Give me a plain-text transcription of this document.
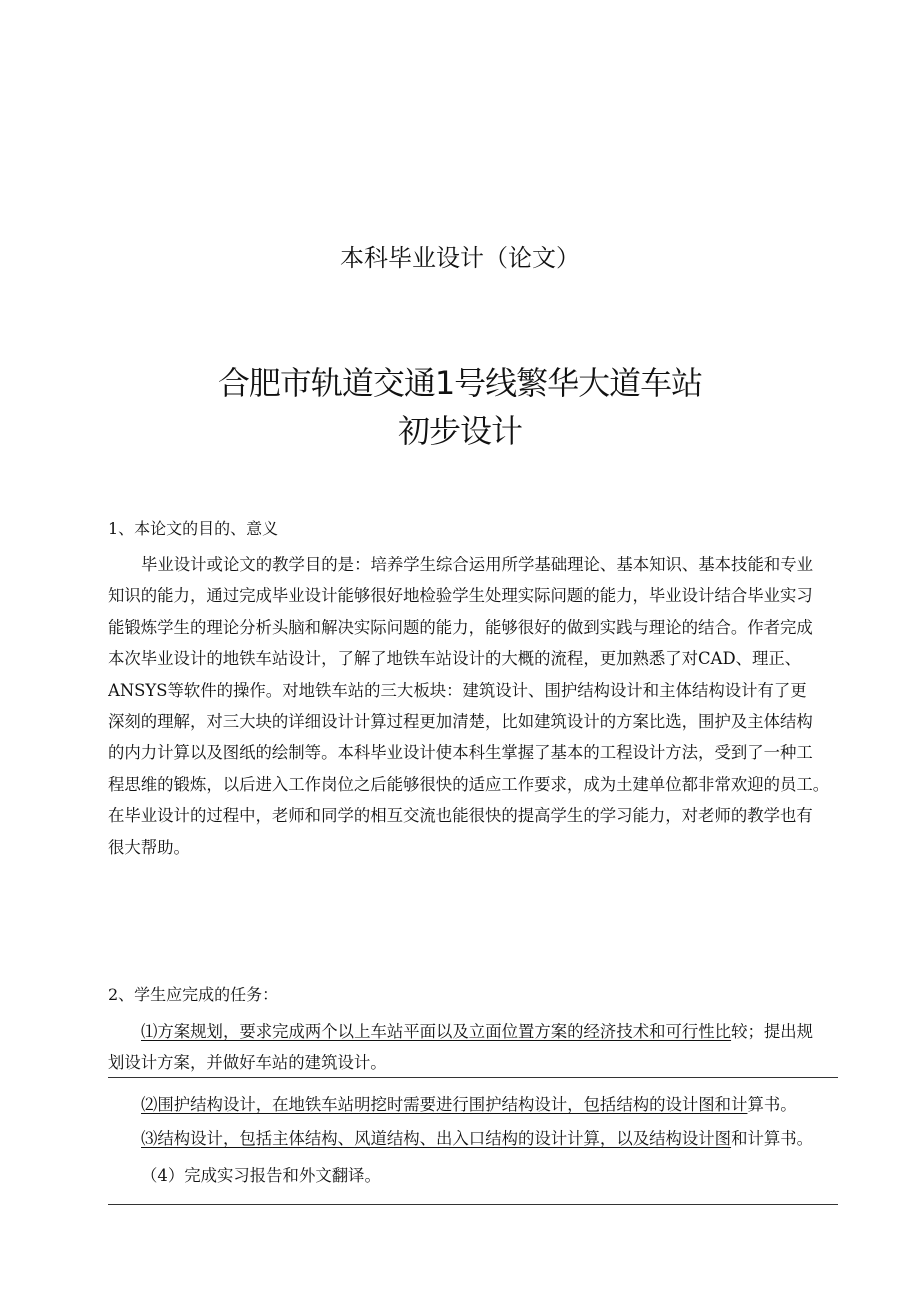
本科毕业设计（论文）
合肥市轨道交通1号线繁华大道车站
初步设计

1、本论文的目的、意义

毕业设计或论文的教学目的是：培养学生综合运用所学基础理论、基本知识、基本技能和专业
知识的能力，通过完成毕业设计能够很好地检验学生处理实际问题的能力，毕业设计结合毕业实习
能锻炼学生的理论分析头脑和解决实际问题的能力，能够很好的做到实践与理论的结合。作者完成
本次毕业设计的地铁车站设计，了解了地铁车站设计的大概的流程，更加熟悉了对CAD、理正、
ANSYS等软件的操作。对地铁车站的三大板块：建筑设计、围护结构设计和主体结构设计有了更
深刻的理解，对三大块的详细设计计算过程更加清楚，比如建筑设计的方案比选，围护及主体结构
的内力计算以及图纸的绘制等。本科毕业设计使本科生掌握了基本的工程设计方法，受到了一种工
程思维的锻炼，以后进入工作岗位之后能够很快的适应工作要求，成为土建单位都非常欢迎的员工。
在毕业设计的过程中，老师和同学的相互交流也能很快的提高学生的学习能力，对老师的教学也有
很大帮助。

2、学生应完成的任务：

⑴方案规划，要求完成两个以上车站平面以及立面位置方案的经济技术和可行性比较；提出规
划设计方案，并做好车站的建筑设计。
⑵围护结构设计，在地铁车站明挖时需要进行围护结构设计，包括结构的设计图和计算书。
⑶结构设计，包括主体结构、风道结构、出入口结构的设计计算，以及结构设计图和计算书。
（4）完成实习报告和外文翻译。
